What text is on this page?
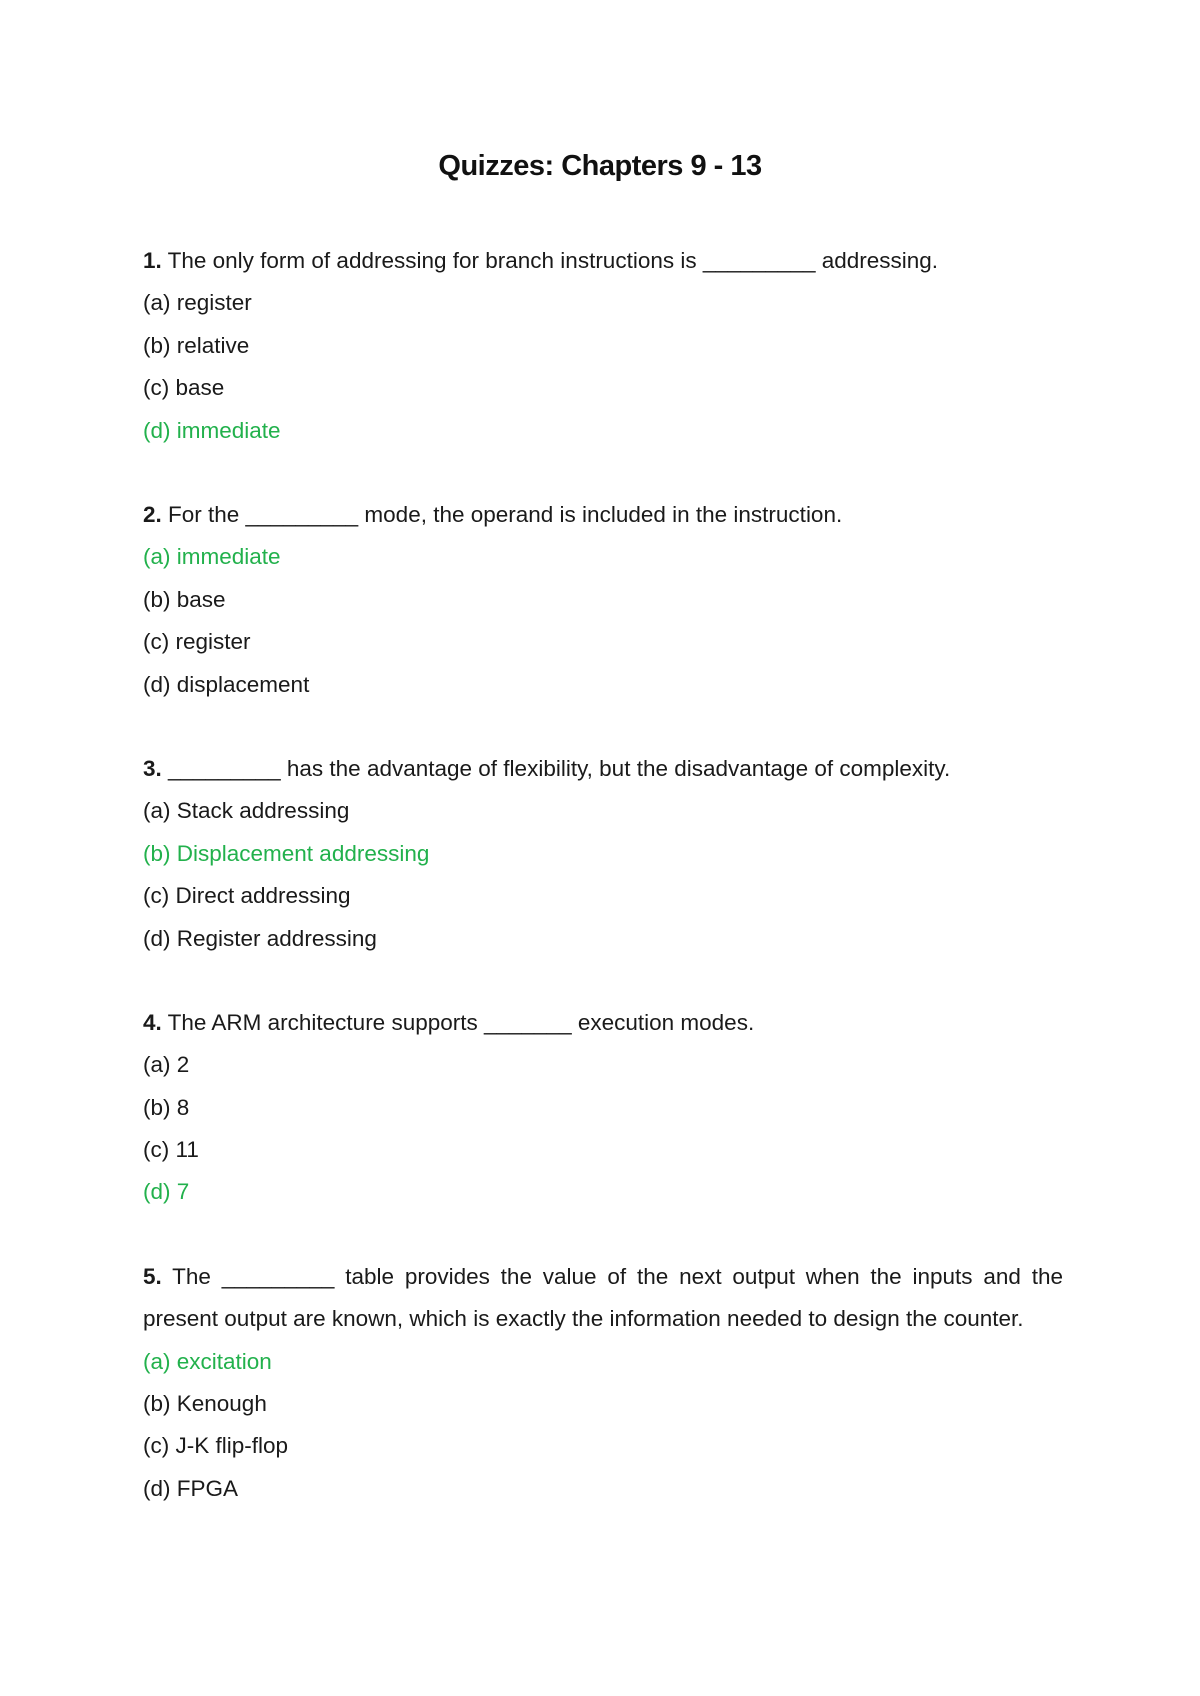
Quizzes: Chapters 9 - 13
1. The only form of addressing for branch instructions is _________ addressing.
(a) register
(b) relative
(c) base
(d) immediate
2. For the _________ mode, the operand is included in the instruction.
(a) immediate
(b) base
(c) register
(d) displacement
3. _________ has the advantage of flexibility, but the disadvantage of complexity.
(a) Stack addressing
(b) Displacement addressing
(c) Direct addressing
(d) Register addressing
4. The ARM architecture supports _______ execution modes.
(a) 2
(b) 8
(c) 11
(d) 7
5. The _________ table provides the value of the next output when the inputs and the present output are known, which is exactly the information needed to design the counter.
(a) excitation
(b) Kenough
(c) J-K flip-flop
(d) FPGA
